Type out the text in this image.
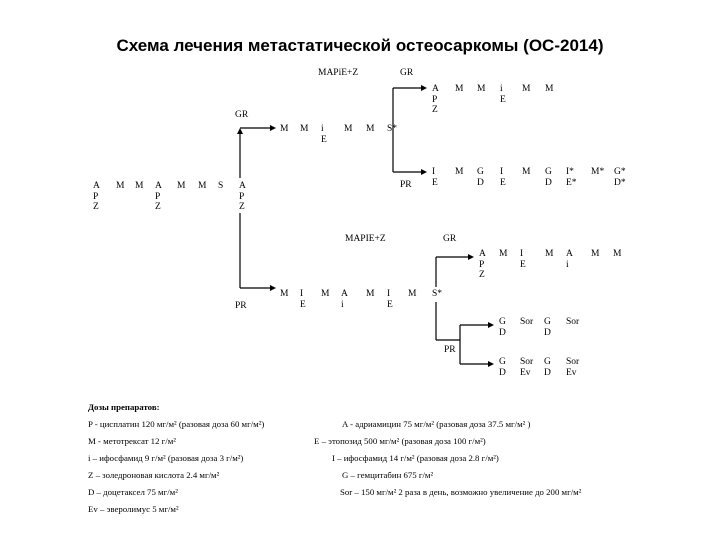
Схема лечения метастатической остеосаркомы (ОС-2014)
A
P
Z
M M A
P
Z
M M S A
P
Z
GR
PR
M M i
E
M M S*
MAPiE+Z	GR
PR
A
P
Z
M M i
E
M M
I
E
M G
D
I
E
M G
D
I*
E*
M* G*
D*
M I
E
M A
i
M I
E
M S*
MAPIE+Z	GR
PR
A
P
Z
M I
E
M A
i
M M
G
D
Sor G
D
Sor
G
D
Sor
Ev
G
D
Sor
Ev
Дозы препаратов:
P - цисплатин 120 мг/м² (разовая доза 60 мг/м²)	A - адриамицин 75 мг/м² (разовая доза 37.5 мг/м² )
M - метотрексат 12 г/м²	E – этопозид 500 мг/м² (разовая доза 100 г/м²)
i – ифосфамид 9 г/м² (разовая доза 3 г/м²)	I – ифосфамид 14 г/м² (разовая доза 2.8 г/м²)
Z – золедроновая кислота 2.4 мг/м²	G – гемцитабин 675 г/м²
D – доцетаксел 75 мг/м²	Sor – 150 мг/м² 2 раза в день, возможно увеличение до 200 мг/м²
Ev – эверолимус 5 мг/м²
